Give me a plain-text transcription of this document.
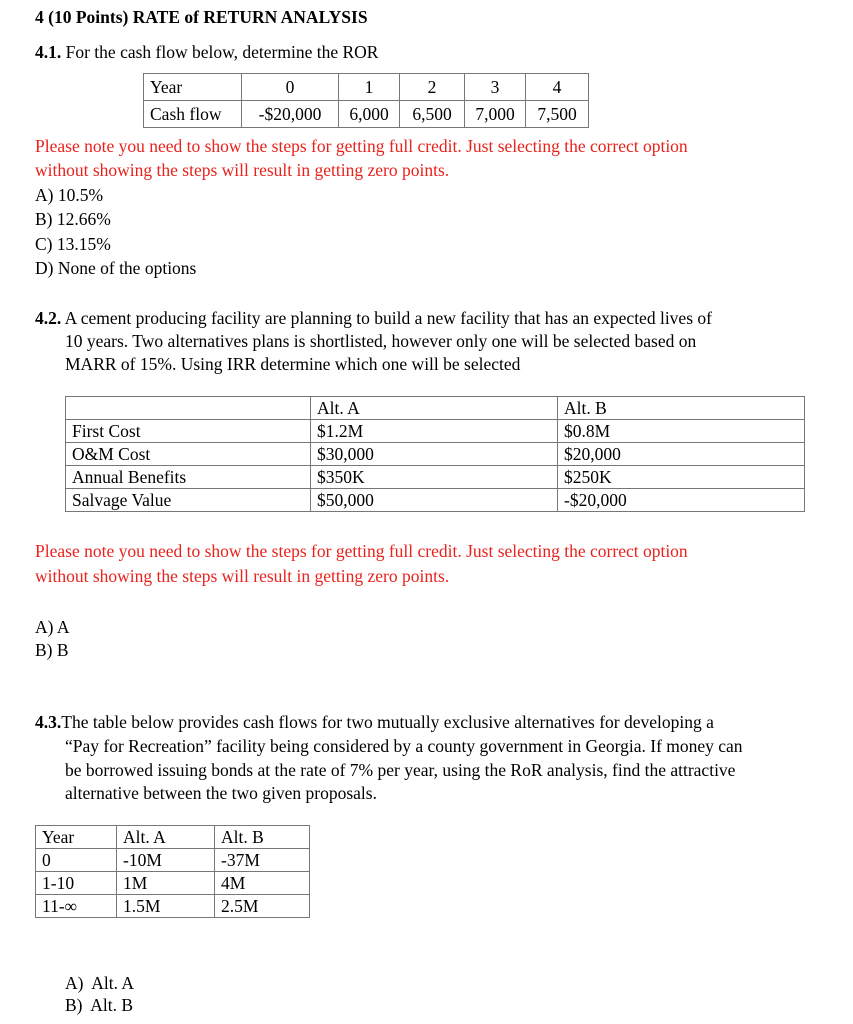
4 (10 Points) RATE of RETURN ANALYSIS
4.1. For the cash flow below, determine the ROR
Year	0	1	2	3	4
Cash flow	-$20,000	6,000	6,500	7,000	7,500
Please note you need to show the steps for getting full credit. Just selecting the correct option
without showing the steps will result in getting zero points.
A) 10.5%
B) 12.66%
C) 13.15%
D) None of the options
4.2. A cement producing facility are planning to build a new facility that has an expected lives of
10 years. Two alternatives plans is shortlisted, however only one will be selected based on
MARR of 15%. Using IRR determine which one will be selected
	Alt. A	Alt. B
First Cost	$1.2M	$0.8M
O&M Cost	$30,000	$20,000
Annual Benefits	$350K	$250K
Salvage Value	$50,000	-$20,000
Please note you need to show the steps for getting full credit. Just selecting the correct option
without showing the steps will result in getting zero points.
A) A
B) B
4.3.The table below provides cash flows for two mutually exclusive alternatives for developing a
“Pay for Recreation” facility being considered by a county government in Georgia. If money can
be borrowed issuing bonds at the rate of 7% per year, using the RoR analysis, find the attractive
alternative between the two given proposals.
Year	Alt. A	Alt. B
0	-10M	-37M
1-10	1M	4M
11-∞	1.5M	2.5M
A)  Alt. A
B)  Alt. B
